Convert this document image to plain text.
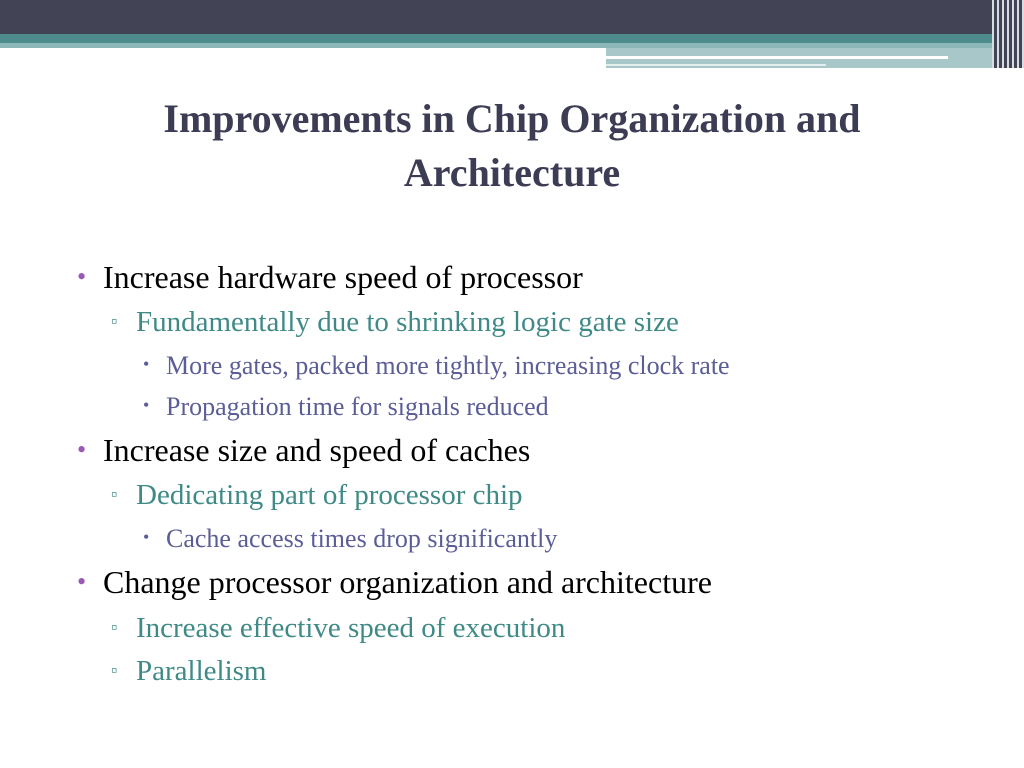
Improvements in Chip Organization and Architecture
• Increase hardware speed of processor
▫ Fundamentally due to shrinking logic gate size
• More gates, packed more tightly, increasing clock rate
• Propagation time for signals reduced
• Increase size and speed of caches
▫ Dedicating part of processor chip
• Cache access times drop significantly
• Change processor organization and architecture
▫ Increase effective speed of execution
▫ Parallelism
